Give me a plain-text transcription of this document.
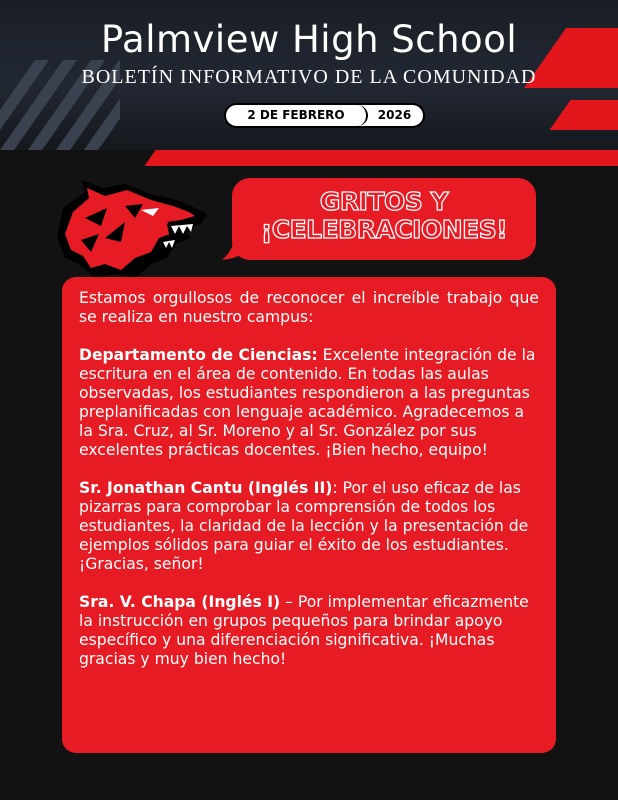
Palmview High School
BOLETÍN INFORMATIVO DE LA COMUNIDAD
2 DE FEBRERO	2026
GRITOS Y
¡CELEBRACIONES!

Estamos orgullosos de reconocer el increíble trabajo que se realiza en nuestro campus:

Departamento de Ciencias: Excelente integración de la escritura en el área de contenido. En todas las aulas observadas, los estudiantes respondieron a las preguntas preplanificadas con lenguaje académico. Agradecemos a la Sra. Cruz, al Sr. Moreno y al Sr. González por sus excelentes prácticas docentes. ¡Bien hecho, equipo!

Sr. Jonathan Cantu (Inglés II): Por el uso eficaz de las pizarras para comprobar la comprensión de todos los estudiantes, la claridad de la lección y la presentación de ejemplos sólidos para guiar el éxito de los estudiantes. ¡Gracias, señor!

Sra. V. Chapa (Inglés I) – Por implementar eficazmente la instrucción en grupos pequeños para brindar apoyo específico y una diferenciación significativa. ¡Muchas gracias y muy bien hecho!
